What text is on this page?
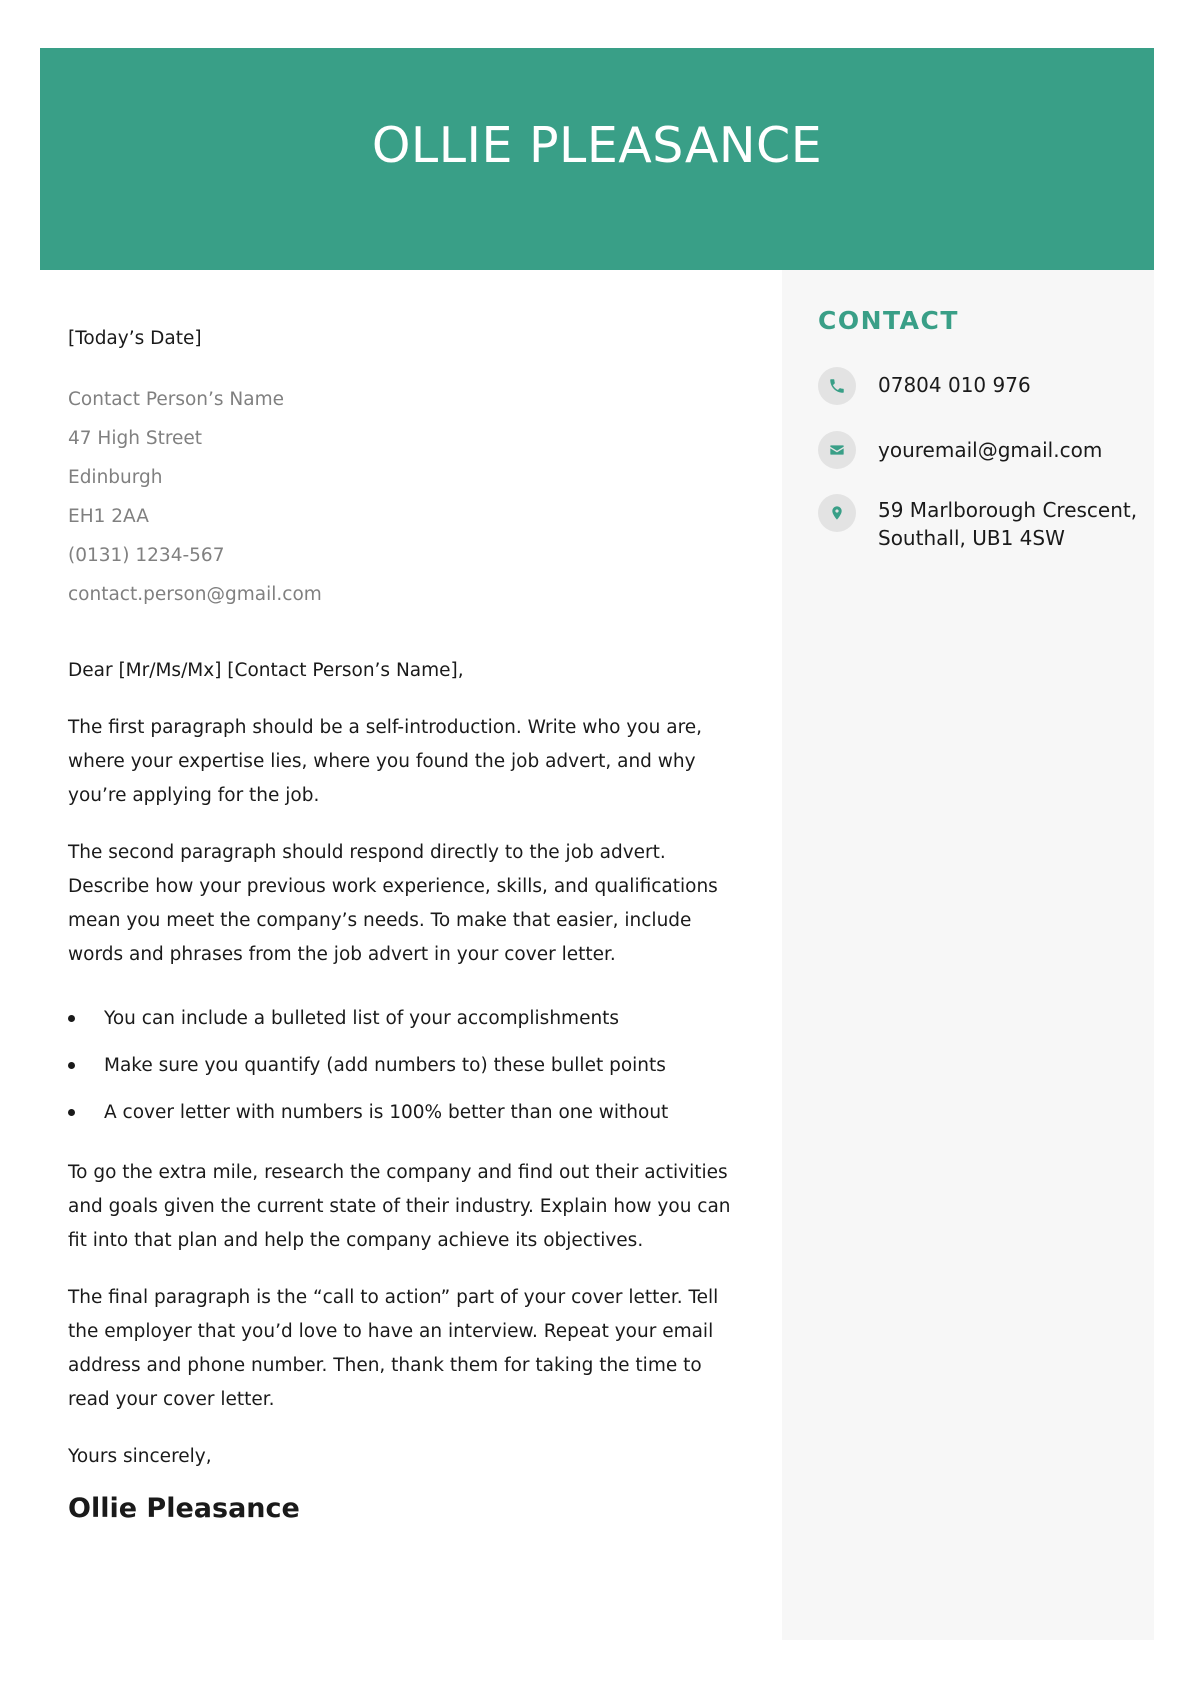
OLLIE PLEASANCE
CONTACT
07804 010 976
youremail@gmail.com
59 Marlborough Crescent,
Southall, UB1 4SW

[Today’s Date]

Contact Person’s Name
47 High Street
Edinburgh
EH1 2AA
(0131) 1234-567
contact.person@gmail.com

Dear [Mr/Ms/Mx] [Contact Person’s Name],

The first paragraph should be a self-introduction. Write who you are, where your expertise lies, where you found the job advert, and why you’re applying for the job.

The second paragraph should respond directly to the job advert. Describe how your previous work experience, skills, and qualifications mean you meet the company’s needs. To make that easier, include words and phrases from the job advert in your cover letter.

You can include a bulleted list of your accomplishments
Make sure you quantify (add numbers to) these bullet points
A cover letter with numbers is 100% better than one without

To go the extra mile, research the company and find out their activities and goals given the current state of their industry. Explain how you can fit into that plan and help the company achieve its objectives.

The final paragraph is the “call to action” part of your cover letter. Tell the employer that you’d love to have an interview. Repeat your email address and phone number. Then, thank them for taking the time to read your cover letter.

Yours sincerely,

Ollie Pleasance
